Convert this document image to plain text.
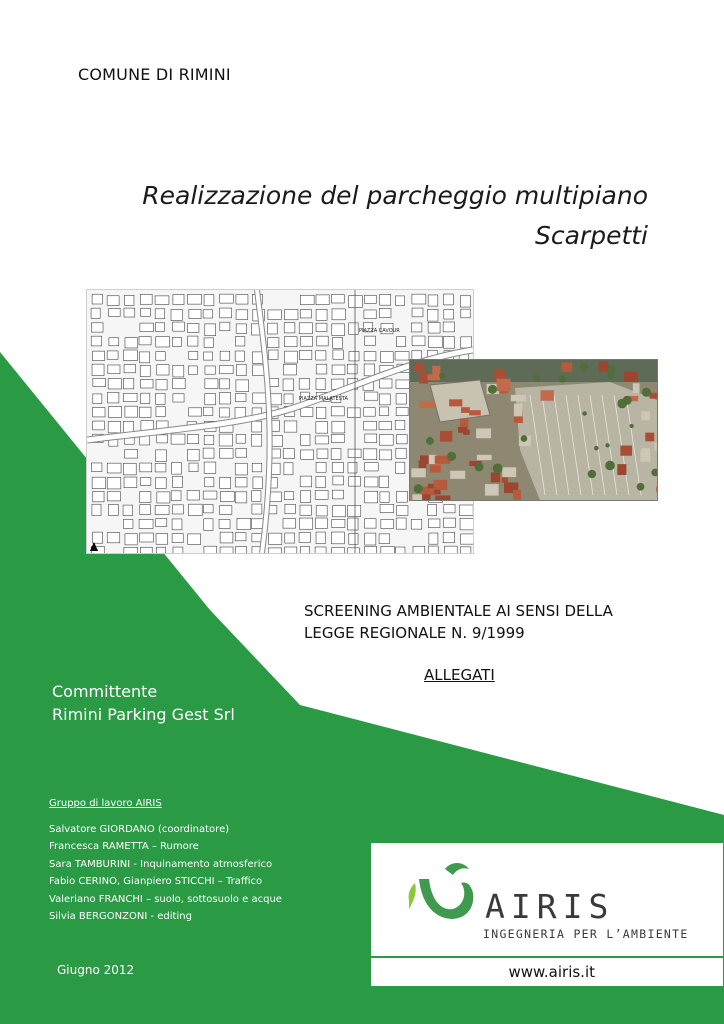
COMUNE DI RIMINI
Realizzazione del parcheggio multipiano
Scarpetti
PIAZZA CAVOUR
PIAZZA MALATESTA
SCREENING AMBIENTALE AI SENSI DELLA
LEGGE REGIONALE N. 9/1999
ALLEGATI
Committente
Rimini Parking Gest Srl
Gruppo di lavoro AIRIS
Salvatore GIORDANO (coordinatore)
Francesca RAMETTA – Rumore
Sara TAMBURINI - Inquinamento atmosferico
Fabio CERINO, Gianpiero STICCHI – Traffico
Valeriano FRANCHI – suolo, sottosuolo e acque
Silvia BERGONZONI - editing
Giugno 2012
AIRIS
INGEGNERIA PER L’AMBIENTE
www.airis.it
